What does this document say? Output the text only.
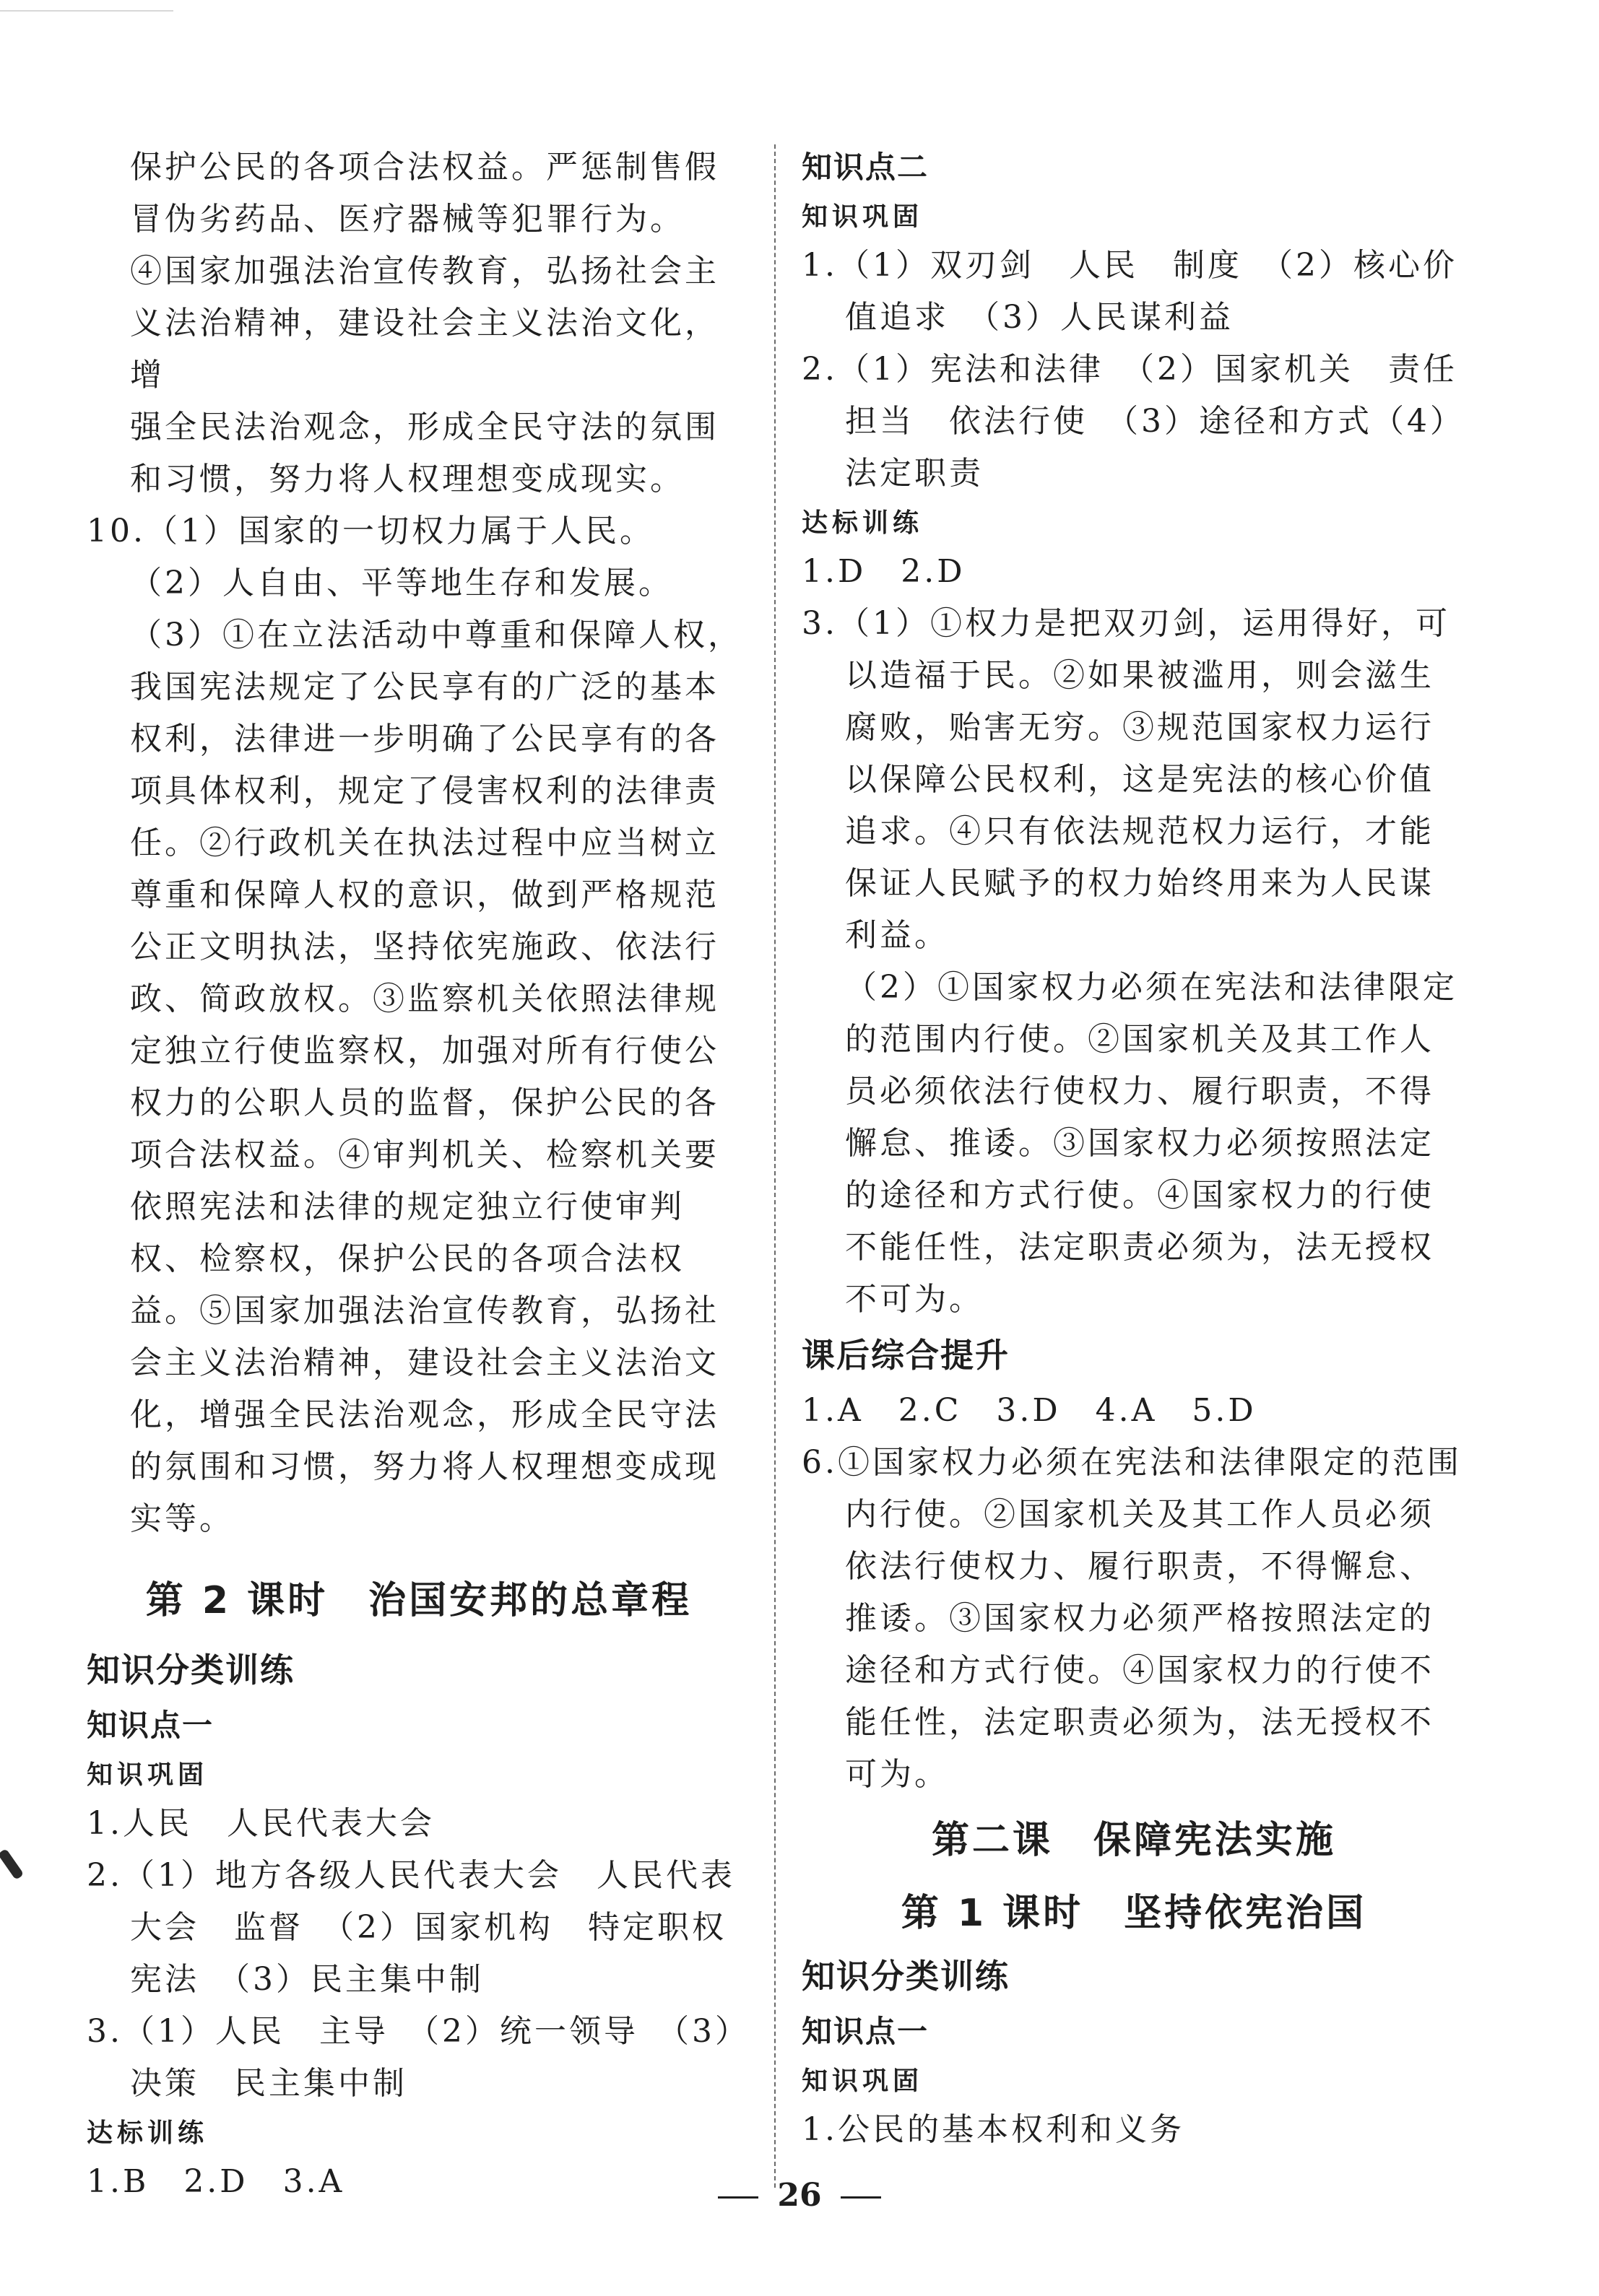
保护公民的各项合法权益。严惩制售假

冒伪劣药品、医疗器械等犯罪行为。

④国家加强法治宣传教育，弘扬社会主

义法治精神，建设社会主义法治文化，增

强全民法治观念，形成全民守法的氛围

和习惯，努力将人权理想变成现实。

10.（1）国家的一切权力属于人民。

（2）人自由、平等地生存和发展。

（3）①在立法活动中尊重和保障人权，我国宪法规定了公民享有的广泛的基本权利，法律进一步明确了公民享有的各项具体权利，规定了侵害权利的法律责任。②行政机关在执法过程中应当树立尊重和保障人权的意识，做到严格规范公正文明执法，坚持依宪施政、依法行政、简政放权。③监察机关依照法律规定独立行使监察权，加强对所有行使公权力的公职人员的监督，保护公民的各项合法权益。④审判机关、检察机关要依照宪法和法律的规定独立行使审判权、检察权，保护公民的各项合法权益。⑤国家加强法治宣传教育，弘扬社会主义法治精神，建设社会主义法治文化，增强全民法治观念，形成全民守法的氛围和习惯，努力将人权理想变成现实等。

第 2 课时　治国安邦的总章程

知识分类训练

知识点一

知识巩固

1.人民　人民代表大会

2.（1）地方各级人民代表大会　人民代表大会　监督　（2）国家机构　特定职权　宪法　（3）民主集中制

3.（1）人民　主导　（2）统一领导　（3）决策　民主集中制

达标训练

1.B　2.D　3.A

知识点二

知识巩固

1.（1）双刃剑　人民　制度　（2）核心价值追求　（3）人民谋利益

2.（1）宪法和法律　（2）国家机关　责任担当　依法行使　（3）途径和方式（4）法定职责

达标训练

1.D　2.D

3.（1）①权力是把双刃剑，运用得好，可以造福于民。②如果被滥用，则会滋生腐败，贻害无穷。③规范国家权力运行以保障公民权利，这是宪法的核心价值追求。④只有依法规范权力运行，才能保证人民赋予的权力始终用来为人民谋利益。

（2）①国家权力必须在宪法和法律限定的范围内行使。②国家机关及其工作人员必须依法行使权力、履行职责，不得懈怠、推诿。③国家权力必须按照法定的途径和方式行使。④国家权力的行使不能任性，法定职责必须为，法无授权不可为。

课后综合提升

1.A　2.C　3.D　4.A　5.D

6.①国家权力必须在宪法和法律限定的范围内行使。②国家机关及其工作人员必须依法行使权力、履行职责，不得懈怠、推诿。③国家权力必须严格按照法定的途径和方式行使。④国家权力的行使不能任性，法定职责必须为，法无授权不可为。

第二课　保障宪法实施

第 1 课时　坚持依宪治国

知识分类训练

知识点一

知识巩固

1.公民的基本权利和义务

26
